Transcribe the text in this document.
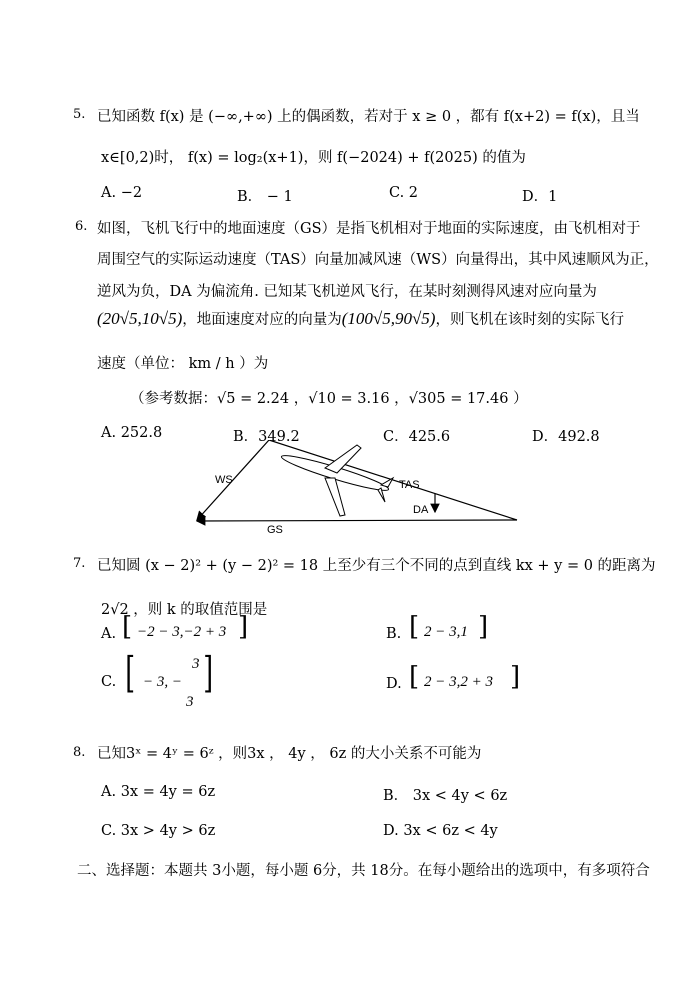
5. 已知函数 f(x) 是 (−∞,+∞) 上的偶函数，若对于 x ≥ 0 ，都有 f(x+2) = f(x)，且当
x∈[0,2)时， f(x) = log₂(x+1)，则 f(−2024) + f(2025) 的值为
A. −2	B． − 1	C. 2	D．1
6. 如图，飞机飞行中的地面速度（GS）是指飞机相对于地面的实际速度，由飞机相对于
周围空气的实际运动速度（TAS）向量加减风速（WS）向量得出，其中风速顺风为正，
逆风为负，DA 为偏流角. 已知某飞机逆风飞行，在某时刻测得风速对应向量为
(20√5,10√5)，地面速度对应的向量为(100√5,90√5)，则飞机在该时刻的实际飞行
速度（单位： km / h ）为
（参考数据：√5 = 2.24 ，√10 = 3.16 ，√305 = 17.46 ）
A. 252.8	B．349.2	C．425.6	D．492.8
WS	TAS
DA
GS
7. 已知圆 (x − 2)² + (y − 2)² = 18 上至少有三个不同的点到直线 kx + y = 0 的距离为
2√2 ，则 k 的取值范围是
A. [ −2 − 3,−2 + 3 ]	B. [ 2 − 3,1 ]
C. [	3
− 3, −
3
]	D. [ 2 − 3,2 + 3 ]
8. 已知3ˣ = 4ʸ = 6ᶻ ，则3x ， 4y ， 6z 的大小关系不可能为
A. 3x = 4y = 6z	B． 3x < 4y < 6z
C. 3x > 4y > 6z	D. 3x < 6z < 4y
二、选择题：本题共 3小题，每小题 6分，共 18分。在每小题给出的选项中，有多项符合
